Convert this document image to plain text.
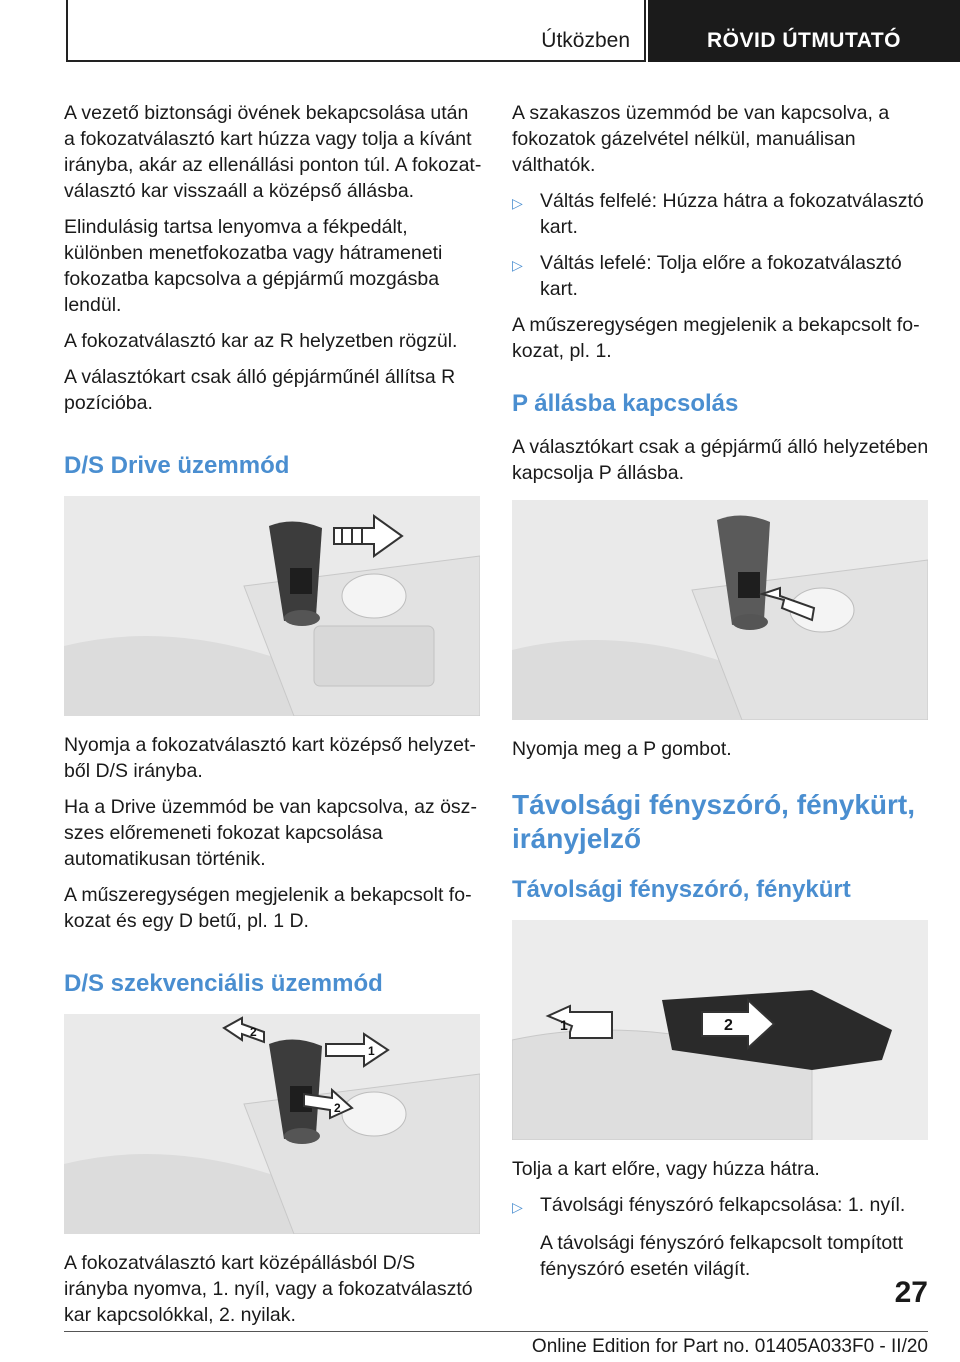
Útközben	RÖVID ÚTMUTATÓ

A vezető biztonsági övének bekapcsolása után a fokozatválasztó kart húzza vagy tolja a kívánt irányba, akár az ellenállási ponton túl. A fokozatválasztó kar visszaáll a középső állásba.

Elindulásig tartsa lenyomva a fékpedált, különben menetfokozatba vagy hátrameneti fokozatba kapcsolva a gépjármű mozgásba lendül.

A fokozatválasztó kar az R helyzetben rögzül.

A választókart csak álló gépjárműnél állítsa R pozícióba.

D/S Drive üzemmód

Nyomja a fokozatválasztó kart középső helyzetből D/S irányba.

Ha a Drive üzemmód be van kapcsolva, az öszszes előremeneti fokozat kapcsolása automatikusan történik.

A műszeregységen megjelenik a bekapcsolt fokozat és egy D betű, pl. 1 D.

D/S szekvenciális üzemmód
2
1
2

A fokozatválasztó kart középállásból D/S irányba nyomva, 1. nyíl, vagy a fokozatválasztó kar kapcsolókkal, 2. nyilak.

A szakaszos üzemmód be van kapcsolva, a fokozatok gázelvétel nélkül, manuálisan válthatók.

▷ Váltás felfelé: Húzza hátra a fokozatválasztó kart.
▷ Váltás lefelé: Tolja előre a fokozatválasztó kart.

A műszeregységen megjelenik a bekapcsolt fokozat, pl. 1.

P állásba kapcsolás

A választókart csak a gépjármű álló helyzetében kapcsolja P állásba.

Nyomja meg a P gombot.

Távolsági fényszóró, fénykürt, irányjelző
Távolsági fényszóró, fénykürt
1	2

Tolja a kart előre, vagy húzza hátra.

▷ Távolsági fényszóró felkapcsolása: 1. nyíl.

A távolsági fényszóró felkapcsolt tompított fényszóró esetén világít.

27
Online Edition for Part no. 01405A033F0 - II/20
